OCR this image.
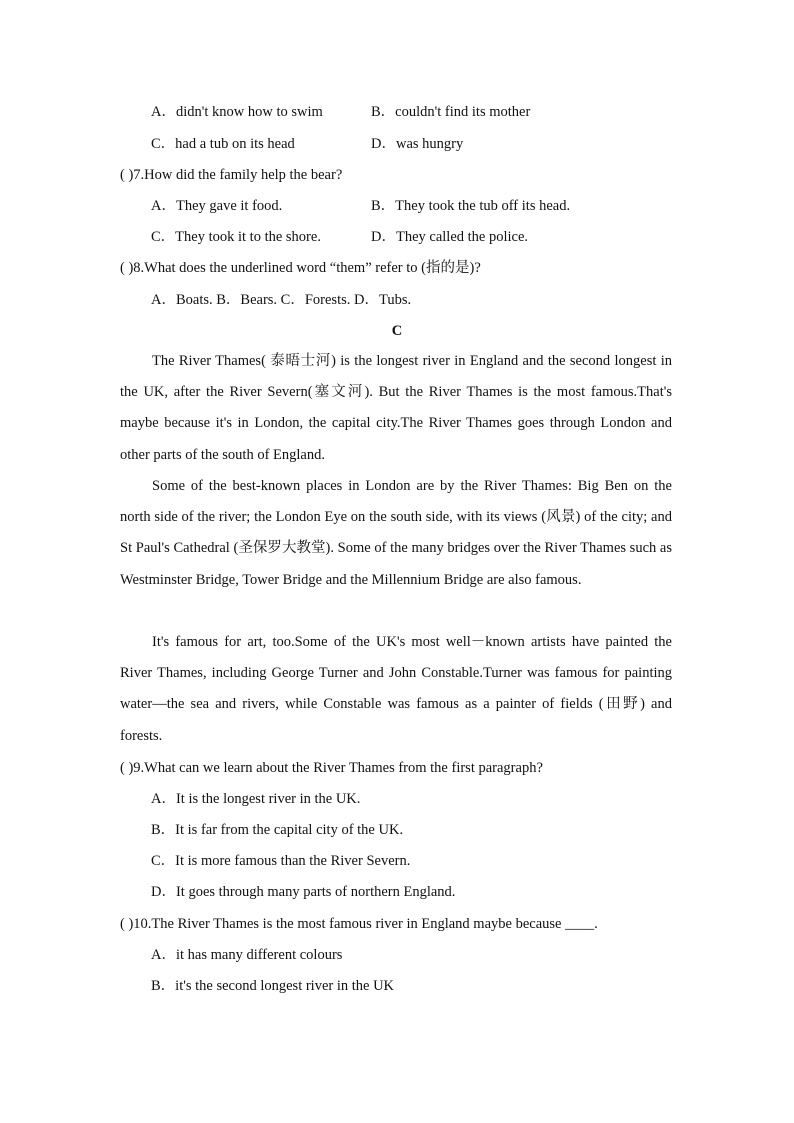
A．didn't know how to swim	B．couldn't find its mother
C．had a tub on its head	D．was hungry
( )7.How did the family help the bear?
A．They gave it food.	B．They took the tub off its head.
C．They took it to the shore.	D．They called the police.
( )8.What does the underlined word “them” refer to (指的是)?
A．Boats. B．Bears. C．Forests. D．Tubs.
C
The River Thames( 泰晤士河) is the longest river in England and the second longest in the UK, after the River Severn(塞文河). But the River Thames is the most famous.That's maybe because it's in London, the capital city.The River Thames goes through London and other parts of the south of England.
Some of the best-known places in London are by the River Thames: Big Ben on the north side of the river; the London Eye on the south side, with its views (风景) of the city; and St Paul's Cathedral (圣保罗大教堂). Some of the many bridges over the River Thames such as Westminster Bridge, Tower Bridge and the Millennium Bridge are also famous.
It's famous for art, too.Some of the UK's most well－known artists have painted the River Thames, including George Turner and John Constable.Turner was famous for painting water—the sea and rivers, while Constable was famous as a painter of fields (田野) and forests.
( )9.What can we learn about the River Thames from the first paragraph?
A．It is the longest river in the UK.
B．It is far from the capital city of the UK.
C．It is more famous than the River Severn.
D．It goes through many parts of northern England.
( )10.The River Thames is the most famous river in England maybe because ____.
A．it has many different colours
B．it's the second longest river in the UK
